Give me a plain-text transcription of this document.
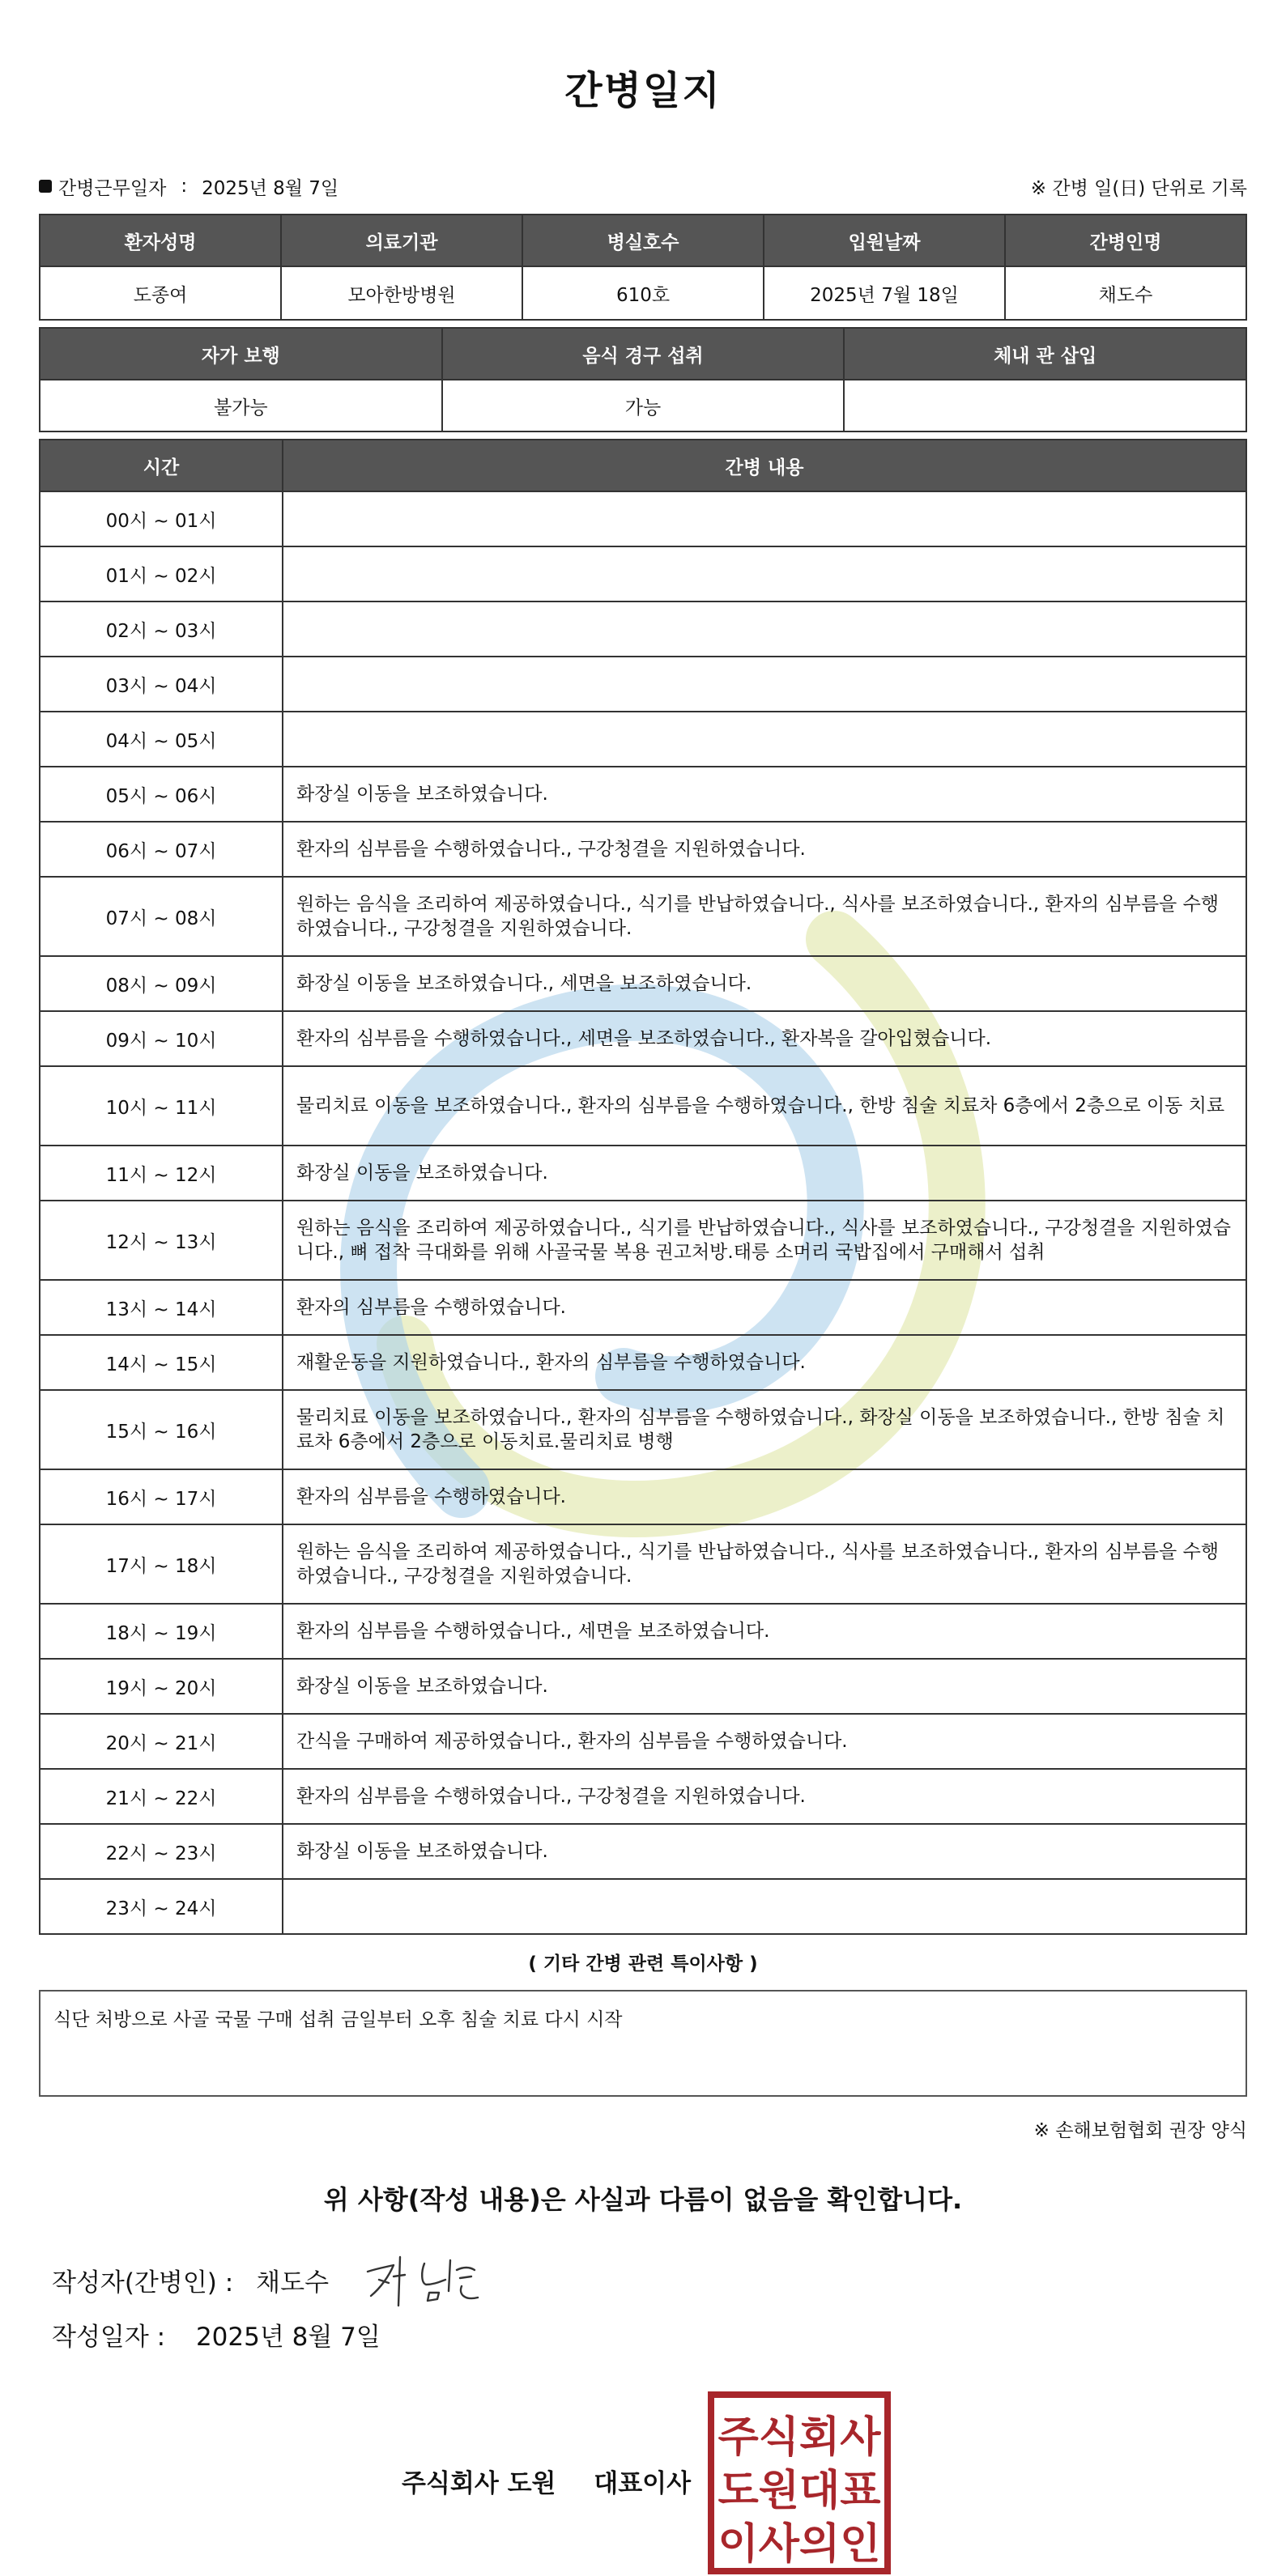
간병일지
간병근무일자 : 2025년 8월 7일	※ 간병 일(日) 단위로 기록
환자성명	의료기관	병실호수	입원날짜	간병인명
도종여	모아한방병원	610호	2025년 7월 18일	채도수
자가 보행	음식 경구 섭취	체내 관 삽입
불가능	가능	
시간	간병 내용
00시 ~ 01시	
01시 ~ 02시	
02시 ~ 03시	
03시 ~ 04시	
04시 ~ 05시	
05시 ~ 06시	화장실 이동을 보조하였습니다.
06시 ~ 07시	환자의 심부름을 수행하였습니다., 구강청결을 지원하였습니다.
07시 ~ 08시	원하는 음식을 조리하여 제공하였습니다., 식기를 반납하였습니다., 식사를 보조하였습니다., 환자의 심부름을 수행하였습니다., 구강청결을 지원하였습니다.
08시 ~ 09시	화장실 이동을 보조하였습니다., 세면을 보조하였습니다.
09시 ~ 10시	환자의 심부름을 수행하였습니다., 세면을 보조하였습니다., 환자복을 갈아입혔습니다.
10시 ~ 11시	물리치료 이동을 보조하였습니다., 환자의 심부름을 수행하였습니다., 한방 침술 치료차 6층에서 2층으로 이동 치료
11시 ~ 12시	화장실 이동을 보조하였습니다.
12시 ~ 13시	원하는 음식을 조리하여 제공하였습니다., 식기를 반납하였습니다., 식사를 보조하였습니다., 구강청결을 지원하였습니다., 뼈 접착 극대화를 위해 사골국물 복용 권고처방.태릉 소머리 국밥집에서 구매해서 섭취
13시 ~ 14시	환자의 심부름을 수행하였습니다.
14시 ~ 15시	재활운동을 지원하였습니다., 환자의 심부름을 수행하였습니다.
15시 ~ 16시	물리치료 이동을 보조하였습니다., 환자의 심부름을 수행하였습니다., 화장실 이동을 보조하였습니다., 한방 침술 치료차 6층에서 2층으로 이동치료.물리치료 병행
16시 ~ 17시	환자의 심부름을 수행하였습니다.
17시 ~ 18시	원하는 음식을 조리하여 제공하였습니다., 식기를 반납하였습니다., 식사를 보조하였습니다., 환자의 심부름을 수행하였습니다., 구강청결을 지원하였습니다.
18시 ~ 19시	환자의 심부름을 수행하였습니다., 세면을 보조하였습니다.
19시 ~ 20시	화장실 이동을 보조하였습니다.
20시 ~ 21시	간식을 구매하여 제공하였습니다., 환자의 심부름을 수행하였습니다.
21시 ~ 22시	환자의 심부름을 수행하였습니다., 구강청결을 지원하였습니다.
22시 ~ 23시	화장실 이동을 보조하였습니다.
23시 ~ 24시	
( 기타 간병 관련 특이사항 )
식단 처방으로 사골 국물 구매 섭취 금일부터 오후 침술 치료 다시 시작
※ 손해보험협회 권장 양식
위 사항(작성 내용)은 사실과 다름이 없음을 확인합니다.
작성자(간병인) : 채도수
작성일자 : 2025년 8월 7일
주식회사 도원 대표이사
주식회사
도원대표
이사의인
